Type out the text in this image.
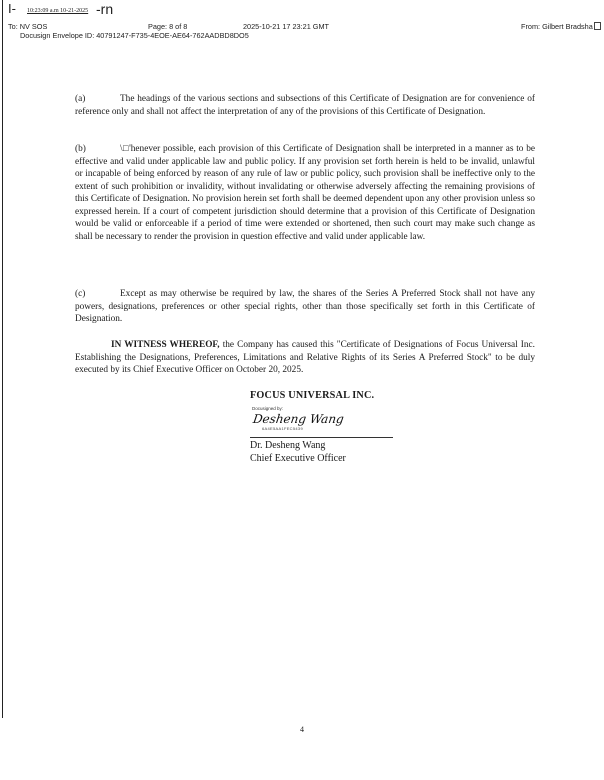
I- 10:23:09 a.m 10-21-2025 -rn
To: NV SOS	Page: 8 of 8	2025-10-21 17 23:21 GMT	From: Gilbert Bradsha
Docusign Envelope ID: 40791247-F735-4EOE-AE64-762AADBD8DO5

(a)	The headings of the various sections and subsections of this Certificate of Designation are for convenience of reference only and shall not affect the interpretation of any of the provisions of this Certificate of Designation.

(b)	\□'henever possible, each provision of this Certificate of Designation shall be interpreted in a manner as to be effective and valid under applicable law and public policy. If any provision set forth herein is held to be invalid, unlawful or incapable of being enforced by reason of any rule of law or public policy, such provision shall be ineffective only to the extent of such prohibition or invalidity, without invalidating or otherwise adversely affecting the remaining provisions of this Certificate of Designation. No provision herein set forth shall be deemed dependent upon any other provision unless so expressed herein. If a court of competent jurisdiction should determine that a provision of this Certificate of Designation would be valid or enforceable if a period of time were extended or shortened, then such court may make such change as shall be necessary to render the provision in question effective and valid under applicable law.

(c)	Except as may otherwise be required by law, the shares of the Series A Preferred Stock shall not have any powers, designations, preferences or other special rights, other than those specifically set forth in this Certificate of Designation.

IN WITNESS WHEREOF, the Company has caused this "Certificate of Designations of Focus Universal Inc. Establishing the Designations, Preferences, Limitations and Relative Rights of its Series A Preferred Stock" to be duly executed by its Chief Executive Officer on October 20, 2025.

FOCUS UNIVERSAL INC.
Docusigned by:
Desheng Wang
6A4E5AA1FEC5439
Dr. Desheng Wang
Chief Executive Officer
4
